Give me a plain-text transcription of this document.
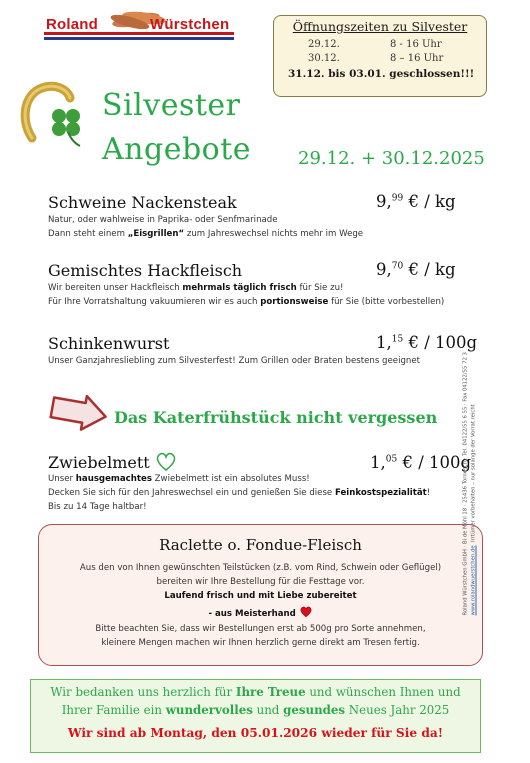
Roland	Würstchen	Öffnungszeiten zu Silvester
29.12.	8 - 16 Uhr
30.12.	8 – 16 Uhr
31.12. bis 03.01. geschlossen!!!
Silvester
Angebote	29.12. + 30.12.2025
Schweine Nackensteak	9,99 € / kg
Natur, oder wahlweise in Paprika- oder Senfmarinade
Dann steht einem „Eisgrillen“ zum Jahreswechsel nichts mehr im Wege
Gemischtes Hackfleisch	9,70 € / kg
Wir bereiten unser Hackfleisch mehrmals täglich frisch für Sie zu!
Für Ihre Vorratshaltung vakuumieren wir es auch portionsweise für Sie (bitte vorbestellen)
Schinkenwurst	1,15 € / 100g
Unser Ganzjahresliebling zum Silvesterfest! Zum Grillen oder Braten bestens geeignet
Das Katerfrühstück nicht vergessen
Zwiebelmett	1,05 € / 100g
Unser hausgemachtes Zwiebelmett ist ein absolutes Muss!
Decken Sie sich für den Jahreswechsel ein und genießen Sie diese Feinkostspezialität!
Bis zu 14 Tage haltbar!
Raclette o. Fondue-Fleisch
Aus den von Ihnen gewünschten Teilstücken (z.B. vom Rind, Schwein oder Geflügel)
bereiten wir Ihre Bestellung für die Festtage vor.
Laufend frisch und mit Liebe zubereitet
- aus Meisterhand
Bitte beachten Sie, dass wir Bestellungen erst ab 500g pro Sorte annehmen,
kleinere Mengen machen wir Ihnen herzlich gerne direkt am Tresen fertig.
Wir bedanken uns herzlich für Ihre Treue und wünschen Ihnen und
Ihrer Familie ein wundervolles und gesundes Neues Jahr 2025
Wir sind ab Montag, den 05.01.2026 wieder für Sie da!
Roland Würstchen GmbH · Bi de Möhl 18 · 25436 Tornesch · Tel. 04122/55 6 55 · Fax 04122/55 72 3 www.rolandwuerstchen.de  Irrtümer vorbehalten – nur solange der Vorrat reicht
